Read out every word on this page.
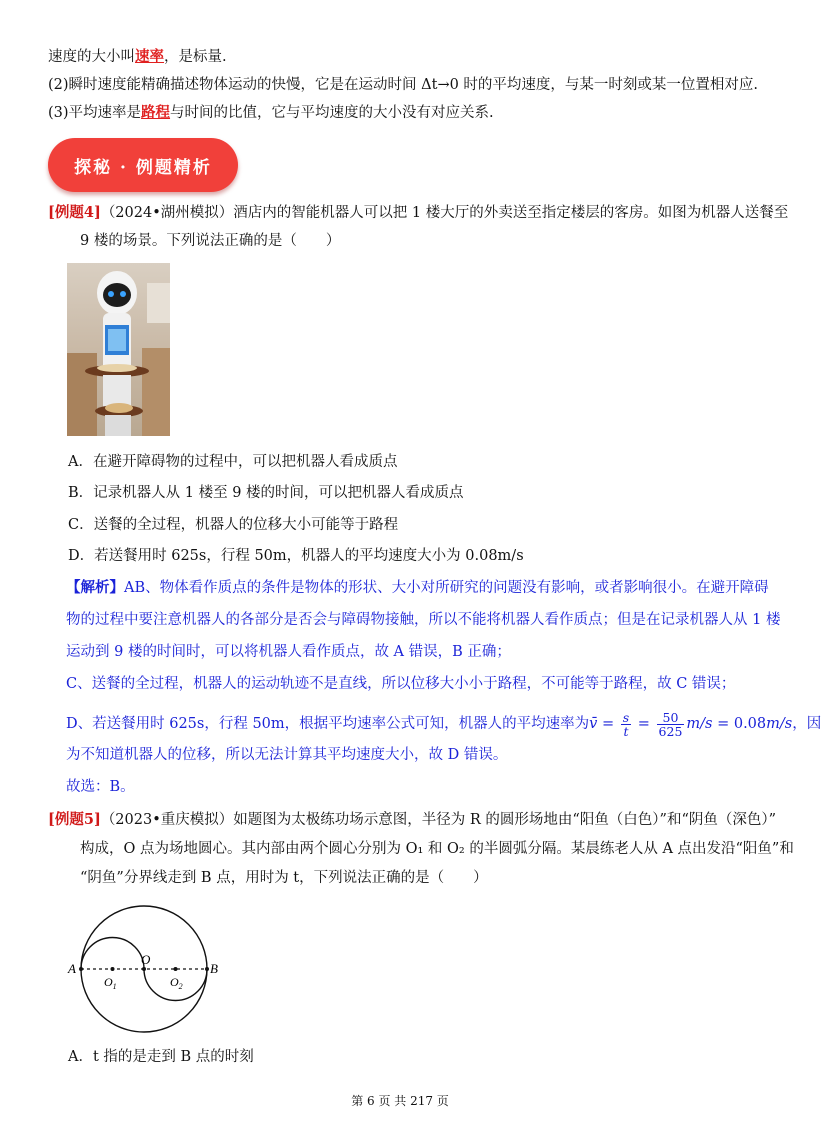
速度的大小叫速率，是标量.
(2)瞬时速度能精确描述物体运动的快慢，它是在运动时间 Δt→0 时的平均速度，与某一时刻或某一位置相对应.
(3)平均速率是路程与时间的比值，它与平均速度的大小没有对应关系.
探秘 · 例题精析
[例题4]（2024•湖州模拟）酒店内的智能机器人可以把 1 楼大厅的外卖送至指定楼层的客房。如图为机器人送餐至
9 楼的场景。下列说法正确的是（　　）
A．在避开障碍物的过程中，可以把机器人看成质点
B．记录机器人从 1 楼至 9 楼的时间，可以把机器人看成质点
C．送餐的全过程，机器人的位移大小可能等于路程
D．若送餐用时 625s，行程 50m，机器人的平均速度大小为 0.08m/s
【解析】AB、物体看作质点的条件是物体的形状、大小对所研究的问题没有影响，或者影响很小。在避开障碍
物的过程中要注意机器人的各部分是否会与障碍物接触，所以不能将机器人看作质点；但是在记录机器人从 1 楼
运动到 9 楼的时间时，可以将机器人看作质点，故 A 错误，B 正确；
C、送餐的全过程，机器人的运动轨迹不是直线，所以位移大小小于路程，不可能等于路程，故 C 错误；
D、若送餐用时 625s，行程 50m，根据平均速率公式可知，机器人的平均速率为v̄ = $\frac{s}{t} = \frac{50}{625} m/s = 0.08m/s$，因
为不知道机器人的位移，所以无法计算其平均速度大小，故 D 错误。
故选：B。
[例题5]（2023•重庆模拟）如题图为太极练功场示意图，半径为 R 的圆形场地由“阳鱼（白色）”和“阴鱼（深色）”
构成，O 点为场地圆心。其内部由两个圆心分别为 O₁ 和 O₂ 的半圆弧分隔。某晨练老人从 A 点出发沿“阳鱼”和
“阴鱼”分界线走到 B 点，用时为 t，下列说法正确的是（　　）
A
O
B
$O_1$	$O_2$
A．t 指的是走到 B 点的时刻
第 6 页 共 217 页
